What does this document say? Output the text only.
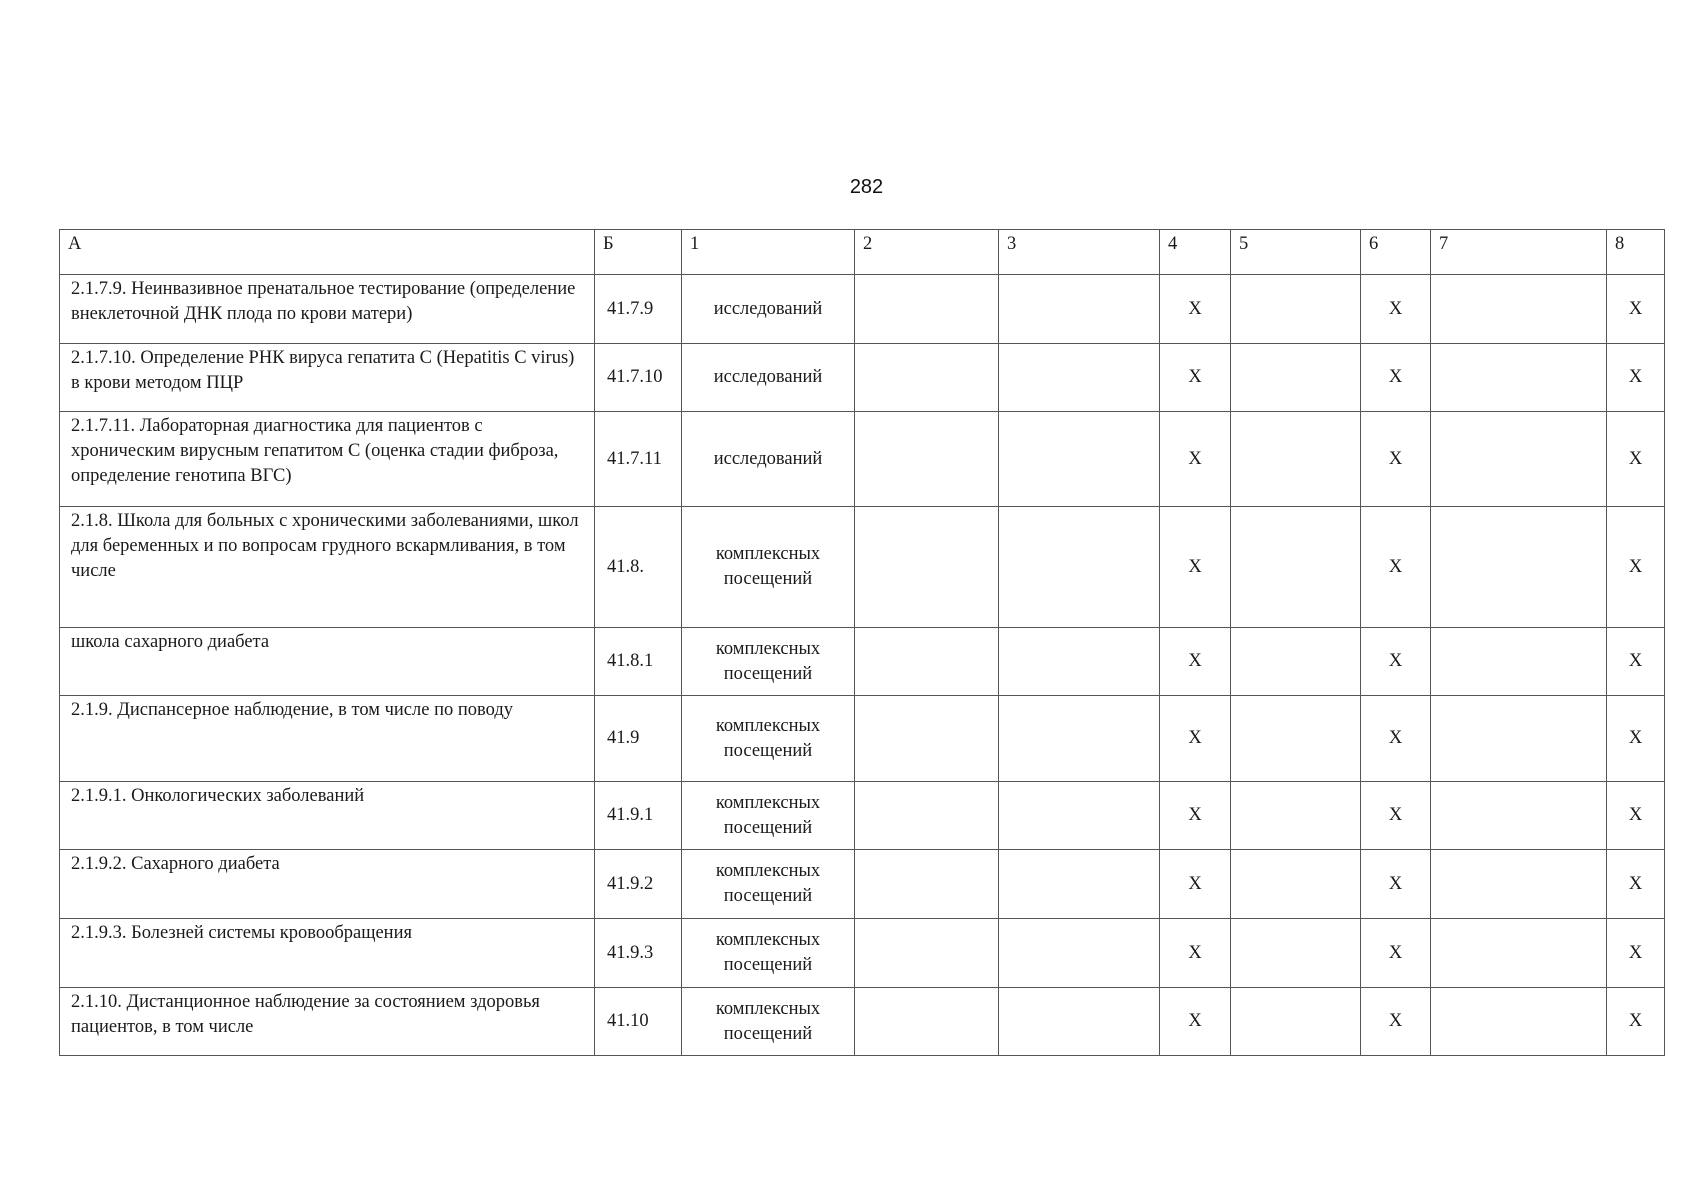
282
А	Б	1	2	3	4	5	6	7	8
2.1.7.9. Неинвазивное пренатальное тестирование (определение внеклеточной ДНК плода по крови матери)	41.7.9	исследований			X		X		X
2.1.7.10. Определение РНК вируса гепатита С (Hepatitis C virus) в крови методом ПЦР	41.7.10	исследований			X		X		X
2.1.7.11. Лабораторная диагностика для пациентов с хроническим вирусным гепатитом С (оценка стадии фиброза, определение генотипа ВГС)	41.7.11	исследований			X		X		X
2.1.8. Школа для больных с хроническими заболеваниями, школ для беременных и по вопросам грудного вскармливания, в том числе	41.8.	комплексных посещений			X		X		X
школа сахарного диабета	41.8.1	комплексных посещений			X		X		X
2.1.9. Диспансерное наблюдение, в том числе по поводу	41.9	комплексных посещений			X		X		X
2.1.9.1. Онкологических заболеваний	41.9.1	комплексных посещений			X		X		X
2.1.9.2. Сахарного диабета	41.9.2	комплексных посещений			X		X		X
2.1.9.3. Болезней системы кровообращения	41.9.3	комплексных посещений			X		X		X
2.1.10. Дистанционное наблюдение за состоянием здоровья пациентов, в том числе	41.10	комплексных посещений			X		X		X
